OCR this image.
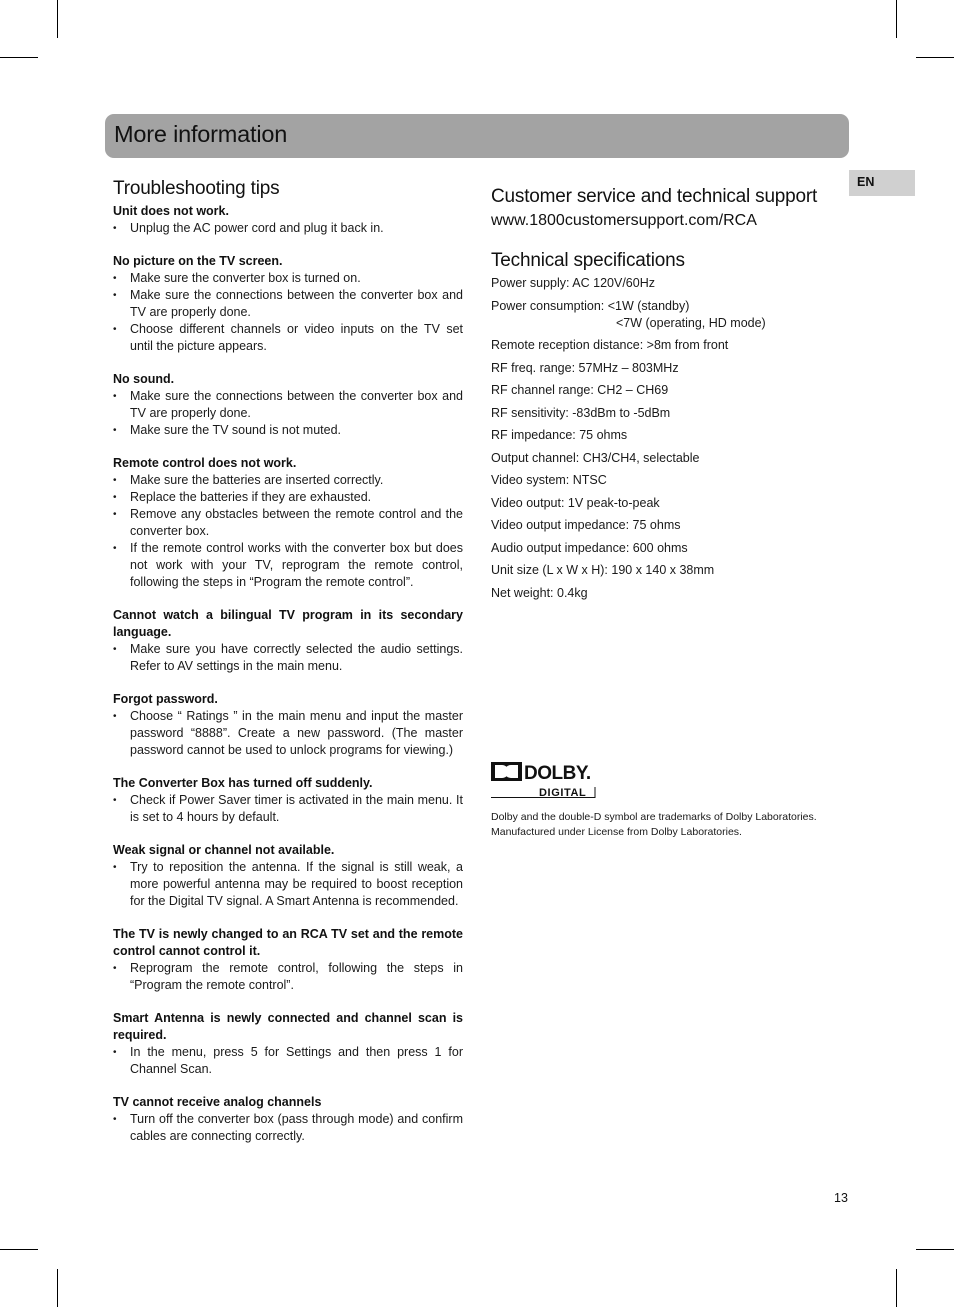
More information
EN
Troubleshooting tips
Unit does not work.
• Unplug the AC power cord and plug it back in.
No picture on the TV screen.
• Make sure the converter box is turned on.
• Make sure the connections between the converter box and TV are properly done.
• Choose different channels or video inputs on the TV set until the picture appears.
No sound.
• Make sure the connections between the converter box and TV are properly done.
• Make sure the TV sound is not muted.
Remote control does not work.
• Make sure the batteries are inserted correctly.
• Replace the batteries if they are exhausted.
• Remove any obstacles between the remote control and the converter box.
• If the remote control works with the converter box but does not work with your TV, reprogram the remote control, following the steps in “Program the remote control”.
Cannot watch a bilingual TV program in its secondary language.
• Make sure you have correctly selected the audio settings. Refer to AV settings in the main menu.
Forgot password.
• Choose “ Ratings ” in the main menu and input the master password “8888”. Create a new password. (The master password cannot be used to unlock programs for viewing.)
The Converter Box has turned off suddenly.
• Check if Power Saver timer is activated in the main menu. It is set to 4 hours by default.
Weak signal or channel not available.
• Try to reposition the antenna. If the signal is still weak, a more powerful antenna may be required to boost reception for the Digital TV signal. A Smart Antenna is recommended.
The TV is newly changed to an RCA TV set and the remote control cannot control it.
• Reprogram the remote control, following the steps in “Program the remote control”.
Smart Antenna is newly connected and channel scan is required.
• In the menu, press 5 for Settings and then press 1 for Channel Scan.
TV cannot receive analog channels
• Turn off the converter box (pass through mode) and confirm cables are connecting correctly.
Customer service and technical support
www.1800customersupport.com/RCA
Technical specifications
Power supply: AC 120V/60Hz
Power consumption: <1W (standby)
<7W (operating, HD mode)
Remote reception distance: >8m from front
RF freq. range: 57MHz – 803MHz
RF channel range: CH2 – CH69
RF sensitivity: -83dBm to -5dBm
RF impedance: 75 ohms
Output channel: CH3/CH4, selectable
Video system: NTSC
Video output: 1V peak-to-peak
Video output impedance: 75 ohms
Audio output impedance: 600 ohms
Unit size (L x W x H): 190 x 140 x 38mm
Net weight: 0.4kg
DOLBY.
DIGITAL
Dolby and the double-D symbol are trademarks of Dolby Laboratories.
Manufactured under License from Dolby Laboratories.
13
